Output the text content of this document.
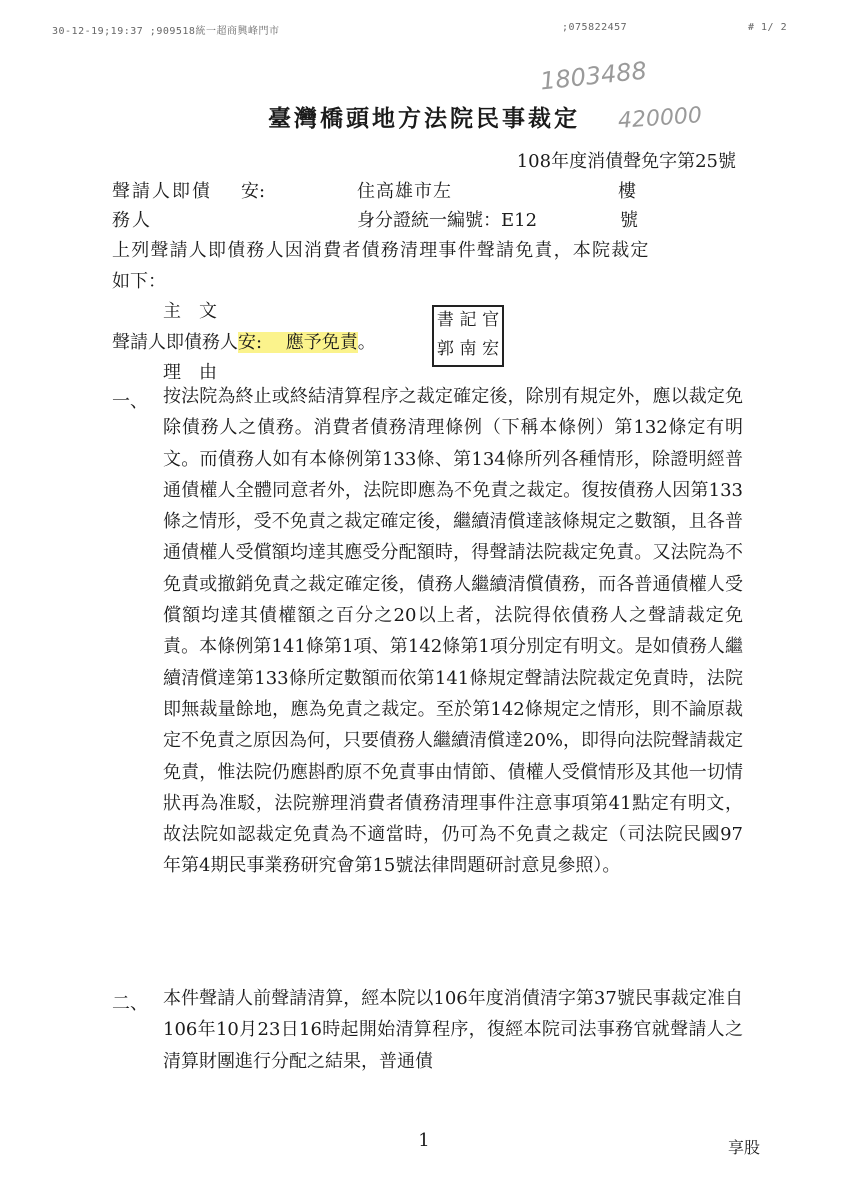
30-12-19;19:37 ;909518統一超商興峰門市	;075822457	# 1/ 2
1803488
420000
臺灣橋頭地方法院民事裁定
108年度消債聲免字第25號
聲請人即債 安:	住高雄市左	樓
務人	身分證統一編號：E12	號
上列聲請人即債務人因消費者債務清理事件聲請免責，本院裁定
如下：
主　文
聲請人即債務人安:　 應予免責。
書 記 官
郭 南 宏
理　由
一、 按法院為終止或終結清算程序之裁定確定後，除別有規定外，應以裁定免除債務人之債務。消費者債務清理條例（下稱本條例）第132條定有明文。而債務人如有本條例第133條、第134條所列各種情形，除證明經普通債權人全體同意者外，法院即應為不免責之裁定。復按債務人因第133條之情形，受不免責之裁定確定後，繼續清償達該條規定之數額，且各普通債權人受償額均達其應受分配額時，得聲請法院裁定免責。又法院為不免責或撤銷免責之裁定確定後，債務人繼續清償債務，而各普通債權人受償額均達其債權額之百分之20以上者，法院得依債務人之聲請裁定免責。本條例第141條第1項、第142條第1項分別定有明文。是如債務人繼續清償達第133條所定數額而依第141條規定聲請法院裁定免責時，法院即無裁量餘地，應為免責之裁定。至於第142條規定之情形，則不論原裁定不免責之原因為何，只要債務人繼續清償達20%，即得向法院聲請裁定免責，惟法院仍應斟酌原不免責事由情節、債權人受償情形及其他一切情狀再為准駁，法院辦理消費者債務清理事件注意事項第41點定有明文，故法院如認裁定免責為不適當時，仍可為不免責之裁定（司法院民國97年第4期民事業務研究會第15號法律問題研討意見參照）。
二、 本件聲請人前聲請清算，經本院以106年度消債清字第37號民事裁定准自106年10月23日16時起開始清算程序，復經本院司法事務官就聲請人之清算財團進行分配之結果，普通債
1	享股
